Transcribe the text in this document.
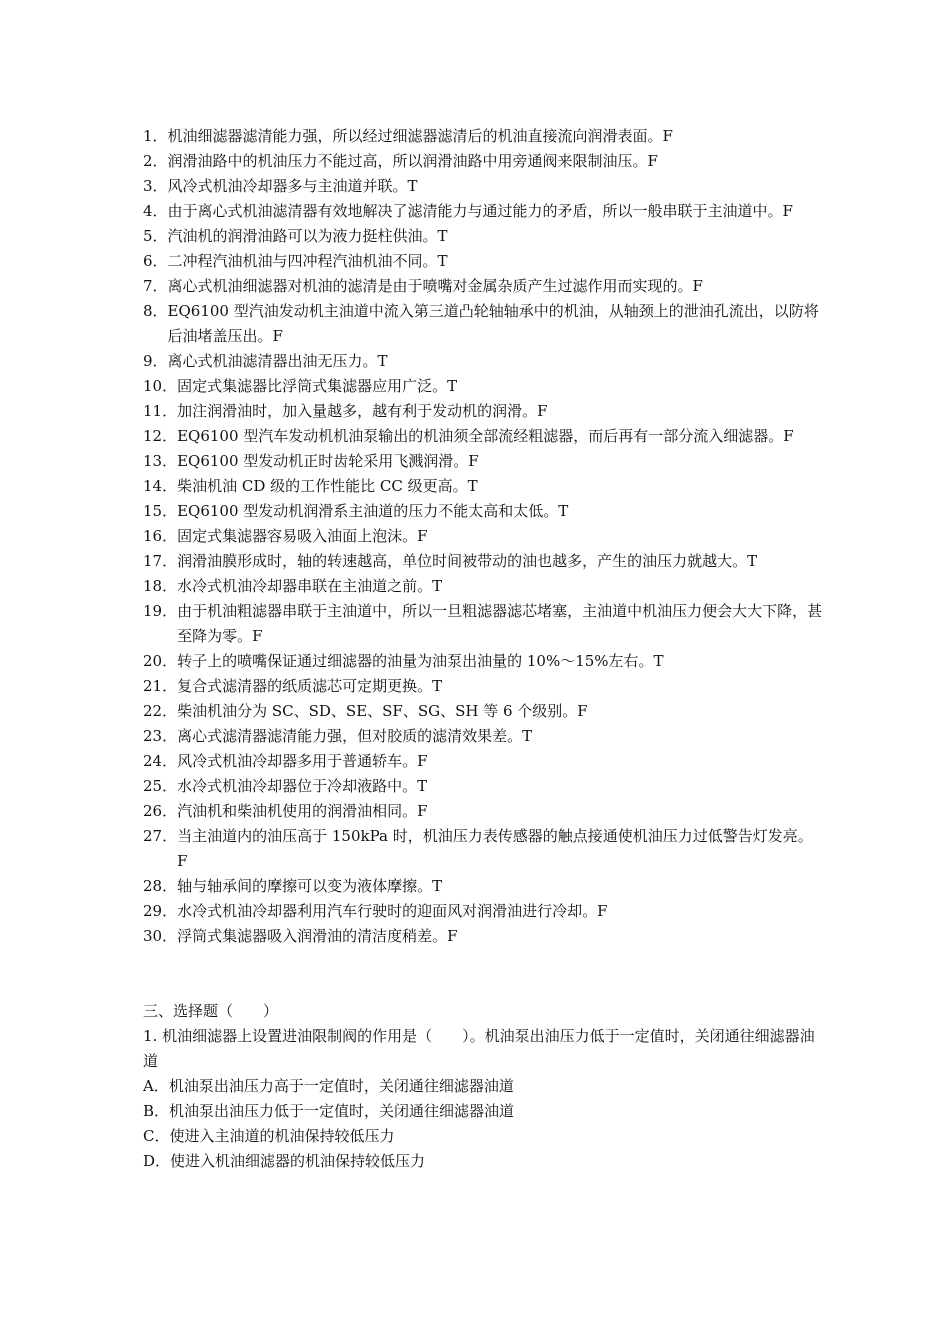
1． 机油细滤器滤清能力强，所以经过细滤器滤清后的机油直接流向润滑表面。F
2． 润滑油路中的机油压力不能过高，所以润滑油路中用旁通阀来限制油压。F
3． 风冷式机油冷却器多与主油道并联。T
4． 由于离心式机油滤清器有效地解决了滤清能力与通过能力的矛盾，所以一般串联于主油道中。F
5． 汽油机的润滑油路可以为液力挺柱供油。T
6． 二冲程汽油机油与四冲程汽油机油不同。T
7． 离心式机油细滤器对机油的滤清是由于喷嘴对金属杂质产生过滤作用而实现的。F
8． EQ6100 型汽油发动机主油道中流入第三道凸轮轴轴承中的机油，从轴颈上的泄油孔流出，以防将后油堵盖压出。F
9． 离心式机油滤清器出油无压力。T
10． 固定式集滤器比浮筒式集滤器应用广泛。T
11． 加注润滑油时，加入量越多，越有利于发动机的润滑。F
12． EQ6100 型汽车发动机机油泵输出的机油须全部流经粗滤器，而后再有一部分流入细滤器。F
13． EQ6100 型发动机正时齿轮采用飞溅润滑。F
14． 柴油机油 CD 级的工作性能比 CC 级更高。T
15． EQ6100 型发动机润滑系主油道的压力不能太高和太低。T
16． 固定式集滤器容易吸入油面上泡沫。F
17． 润滑油膜形成时，轴的转速越高，单位时间被带动的油也越多，产生的油压力就越大。T
18． 水冷式机油冷却器串联在主油道之前。T
19． 由于机油粗滤器串联于主油道中，所以一旦粗滤器滤芯堵塞，主油道中机油压力便会大大下降，甚至降为零。F
20． 转子上的喷嘴保证通过细滤器的油量为油泵出油量的 10%～15%左右。T
21． 复合式滤清器的纸质滤芯可定期更换。T
22． 柴油机油分为 SC、SD、SE、SF、SG、SH 等 6 个级别。F
23． 离心式滤清器滤清能力强，但对胶质的滤清效果差。T
24． 风冷式机油冷却器多用于普通轿车。F
25． 水冷式机油冷却器位于冷却液路中。T
26． 汽油机和柴油机使用的润滑油相同。F
27． 当主油道内的油压高于 150kPa 时，机油压力表传感器的触点接通使机油压力过低警告灯发亮。F
28． 轴与轴承间的摩擦可以变为液体摩擦。T
29． 水冷式机油冷却器利用汽车行驶时的迎面风对润滑油进行冷却。F
30． 浮筒式集滤器吸入润滑油的清洁度稍差。F
三、选择题（　　）
1. 机油细滤器上设置进油限制阀的作用是（　　）。机油泵出油压力低于一定值时，关闭通往细滤器油道
A．机油泵出油压力高于一定值时，关闭通往细滤器油道
B．机油泵出油压力低于一定值时，关闭通往细滤器油道
C．使进入主油道的机油保持较低压力
D．使进入机油细滤器的机油保持较低压力
